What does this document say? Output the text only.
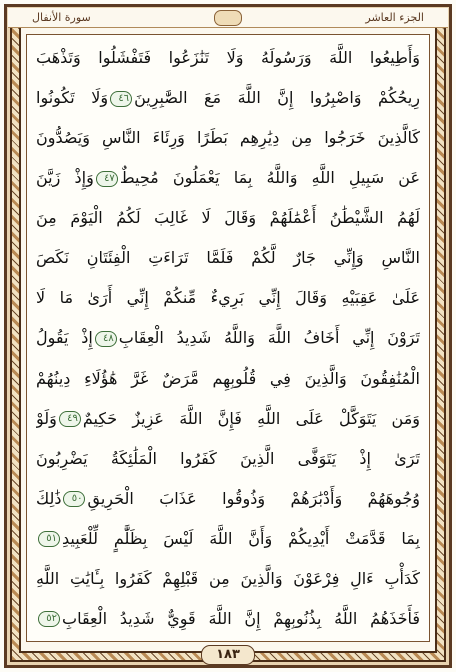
سورة الأنفال	الجزء العاشر
وَأَطِيعُوا اللَّهَ وَرَسُولَهُ وَلَا تَنَٰزَعُوا فَتَفْشَلُوا وَتَذْهَبَ
رِيحُكُمْ وَاصْبِرُوا إِنَّ اللَّهَ مَعَ الصَّٰبِرِينَ٤٦وَلَا تَكُونُوا
كَالَّذِينَ خَرَجُوا مِن دِيَٰرِهِم بَطَرًا وَرِئَاءَ النَّاسِ وَيَصُدُّونَ
عَن سَبِيلِ اللَّهِ وَاللَّهُ بِمَا يَعْمَلُونَ مُحِيطٌ٤٧وَإِذْ زَيَّنَ
لَهُمُ الشَّيْطَٰنُ أَعْمَٰلَهُمْ وَقَالَ لَا غَالِبَ لَكُمُ الْيَوْمَ مِنَ
النَّاسِ وَإِنِّي جَارٌ لَّكُمْ فَلَمَّا تَرَاءَتِ الْفِئَتَانِ نَكَصَ
عَلَىٰ عَقِبَيْهِ وَقَالَ إِنِّي بَرِيءٌ مِّنكُمْ إِنِّي أَرَىٰ مَا لَا
تَرَوْنَ إِنِّي أَخَافُ اللَّهَ وَاللَّهُ شَدِيدُ الْعِقَابِ٤٨إِذْ يَقُولُ
الْمُنَٰفِقُونَ وَالَّذِينَ فِي قُلُوبِهِم مَّرَضٌ غَرَّ هَٰؤُلَاءِ دِينُهُمْ
وَمَن يَتَوَكَّلْ عَلَى اللَّهِ فَإِنَّ اللَّهَ عَزِيزٌ حَكِيمٌ٤٩وَلَوْ
تَرَىٰ إِذْ يَتَوَفَّى الَّذِينَ كَفَرُوا الْمَلَٰئِكَةُ يَضْرِبُونَ
وُجُوهَهُمْ وَأَدْبَٰرَهُمْ وَذُوقُوا عَذَابَ الْحَرِيقِ٥٠ذَٰلِكَ
بِمَا قَدَّمَتْ أَيْدِيكُمْ وَأَنَّ اللَّهَ لَيْسَ بِظَلَّٰمٍ لِّلْعَبِيدِ٥١
كَدَأْبِ ءَالِ فِرْعَوْنَ وَالَّذِينَ مِن قَبْلِهِمْ كَفَرُوا بِـَٔايَٰتِ اللَّهِ
فَأَخَذَهُمُ اللَّهُ بِذُنُوبِهِمْ إِنَّ اللَّهَ قَوِيٌّ شَدِيدُ الْعِقَابِ٥٢
١٨٣
